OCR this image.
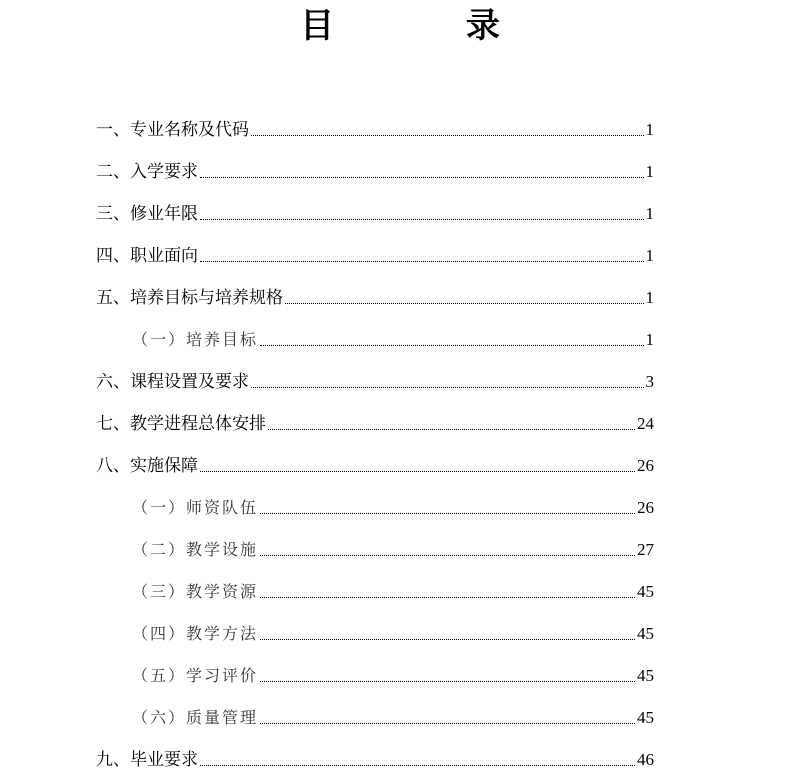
目 录
一、专业名称及代码	1
二、入学要求	1
三、修业年限	1
四、职业面向	1
五、培养目标与培养规格	1
（一）培养目标	1
六、课程设置及要求	3
七、教学进程总体安排	24
八、实施保障	26
（一）师资队伍	26
（二）教学设施	27
（三）教学资源	45
（四）教学方法	45
（五）学习评价	45
（六）质量管理	45
九、毕业要求	46
